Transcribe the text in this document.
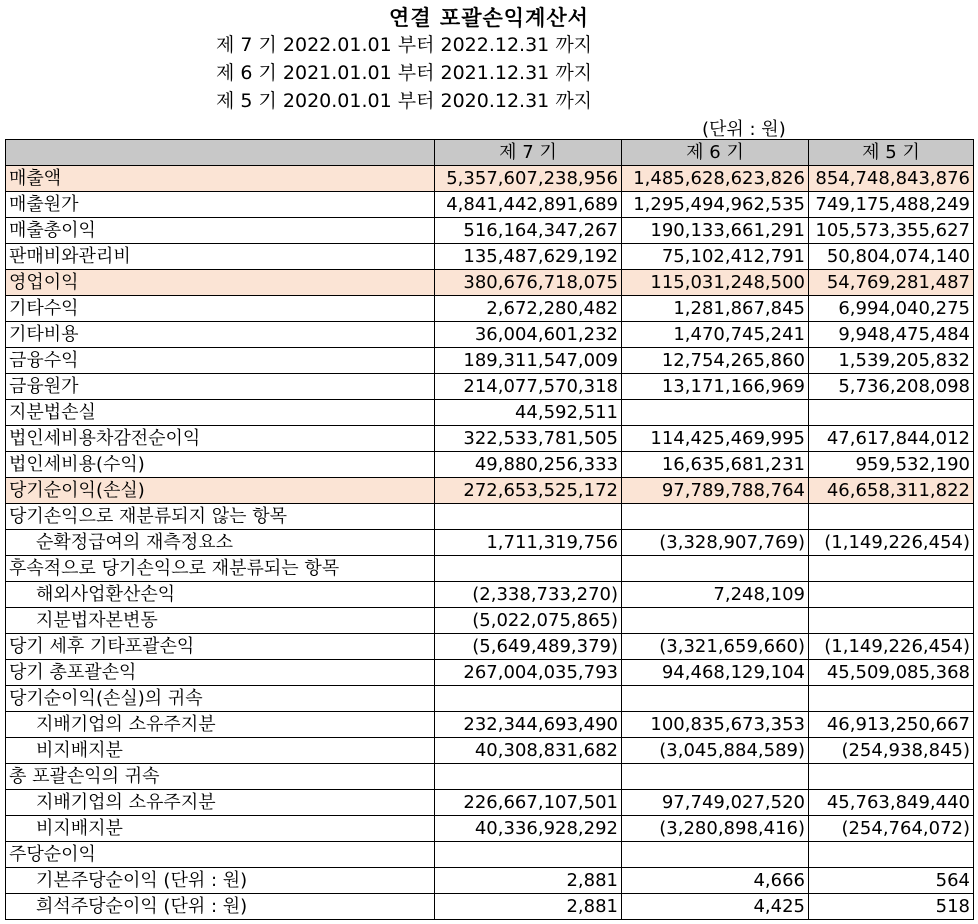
연결 포괄손익계산서
제 7 기 2022.01.01 부터 2022.12.31 까지
제 6 기 2021.01.01 부터 2021.12.31 까지
제 5 기 2020.01.01 부터 2020.12.31 까지
(단위 : 원)
	제 7 기	제 6 기	제 5 기
매출액	5,357,607,238,956	1,485,628,623,826	854,748,843,876
매출원가	4,841,442,891,689	1,295,494,962,535	749,175,488,249
매출총이익	516,164,347,267	190,133,661,291	105,573,355,627
판매비와관리비	135,487,629,192	75,102,412,791	50,804,074,140
영업이익	380,676,718,075	115,031,248,500	54,769,281,487
기타수익	2,672,280,482	1,281,867,845	6,994,040,275
기타비용	36,004,601,232	1,470,745,241	9,948,475,484
금융수익	189,311,547,009	12,754,265,860	1,539,205,832
금융원가	214,077,570,318	13,171,166,969	5,736,208,098
지분법손실	44,592,511		
법인세비용차감전순이익	322,533,781,505	114,425,469,995	47,617,844,012
법인세비용(수익)	49,880,256,333	16,635,681,231	959,532,190
당기순이익(손실)	272,653,525,172	97,789,788,764	46,658,311,822
당기손익으로 재분류되지 않는 항목			
순확정급여의 재측정요소	1,711,319,756	(3,328,907,769)	(1,149,226,454)
후속적으로 당기손익으로 재분류되는 항목			
해외사업환산손익	(2,338,733,270)	7,248,109	
지분법자본변동	(5,022,075,865)		
당기 세후 기타포괄손익	(5,649,489,379)	(3,321,659,660)	(1,149,226,454)
당기 총포괄손익	267,004,035,793	94,468,129,104	45,509,085,368
당기순이익(손실)의 귀속			
지배기업의 소유주지분	232,344,693,490	100,835,673,353	46,913,250,667
비지배지분	40,308,831,682	(3,045,884,589)	(254,938,845)
총 포괄손익의 귀속			
지배기업의 소유주지분	226,667,107,501	97,749,027,520	45,763,849,440
비지배지분	40,336,928,292	(3,280,898,416)	(254,764,072)
주당순이익			
기본주당순이익 (단위 : 원)	2,881	4,666	564
희석주당순이익 (단위 : 원)	2,881	4,425	518
